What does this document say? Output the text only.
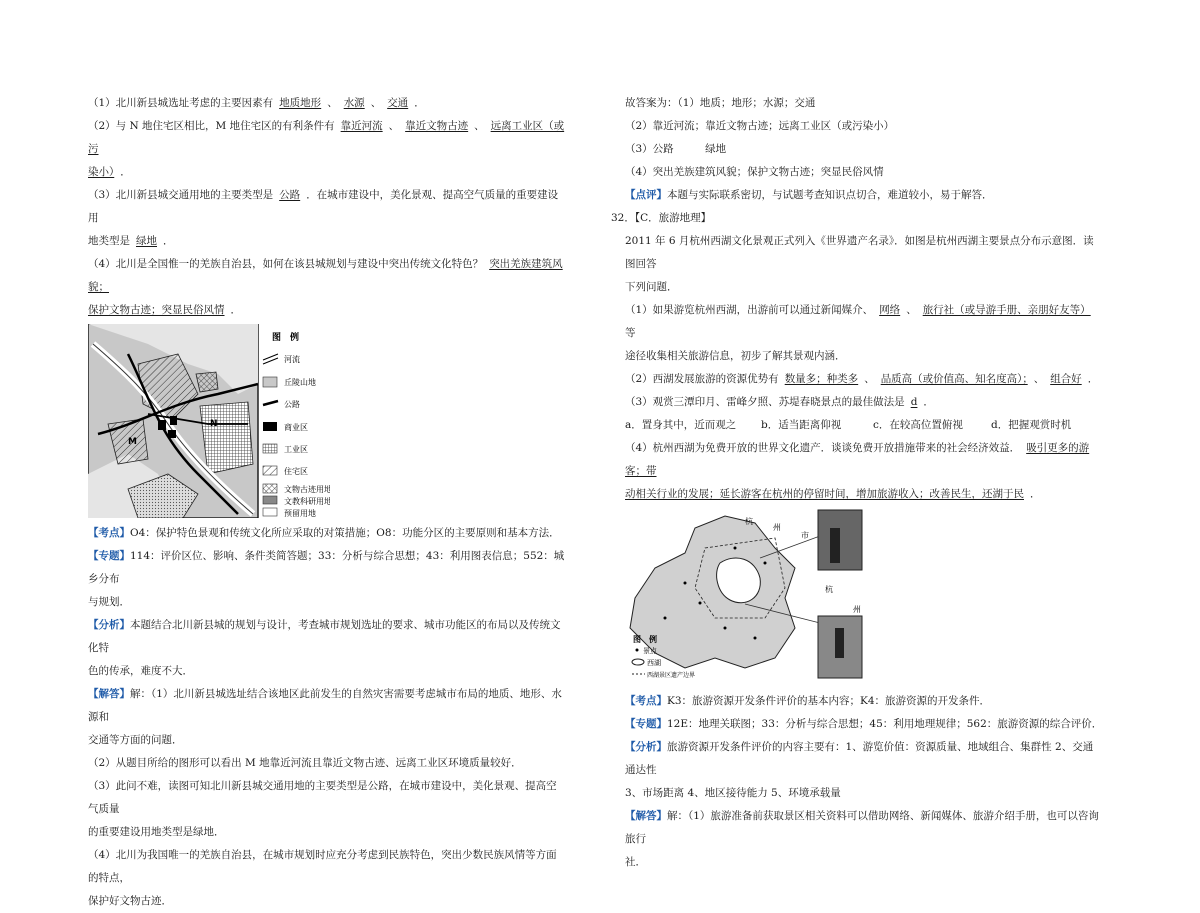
（1）北川新县城选址考虑的主要因素有 地质地形 、 水源 、 交通 ．

（2）与 N 地住宅区相比，M 地住宅区的有利条件有 靠近河流 、 靠近文物古迹 、 远离工业区（或污

染小） ．

（3）北川新县城交通用地的主要类型是 公路 ．在城市建设中，美化景观、提高空气质量的重要建设用

地类型是 绿地 ．

（4）北川是全国惟一的羌族自治县，如何在该县城规划与建设中突出传统文化特色？ 突出羌族建筑风貌；

保护文物古迹；突显民俗风情 ．

M
N
图　例
河流
丘陵山地
公路
商业区
工业区
住宅区
文物古迹用地
文教科研用地
预留用地

【考点】O4：保护特色景观和传统文化所应采取的对策措施；O8：功能分区的主要原则和基本方法．

【专题】114：评价区位、影响、条件类简答题；33：分析与综合思想；43：利用图表信息；552：城乡分布

与规划．

【分析】本题结合北川新县城的规划与设计，考查城市规划选址的要求、城市功能区的布局以及传统文化特

色的传承，难度不大．

【解答】解：（1）北川新县城选址结合该地区此前发生的自然灾害需要考虑城市布局的地质、地形、水源和

交通等方面的问题．

（2）从题目所给的图形可以看出 M 地靠近河流且靠近文物古迹、远离工业区环境质量较好．

（3）此问不难，读图可知北川新县城交通用地的主要类型是公路，在城市建设中，美化景观、提高空气质量

的重要建设用地类型是绿地．

（4）北川为我国唯一的羌族自治县，在城市规划时应充分考虑到民族特色，突出少数民族风情等方面的特点，

保护好文物古迹．

故答案为：（1）地质；地形；水源；交通

（2）靠近河流；靠近文物古迹；远离工业区（或污染小）

（3）公路　　　绿地

（4）突出羌族建筑风貌；保护文物古迹；突显民俗风情

【点评】本题与实际联系密切，与试题考查知识点切合，难道较小，易于解答．

32．【C．旅游地理】

2011 年 6 月杭州西湖文化景观正式列入《世界遗产名录》．如图是杭州西湖主要景点分布示意图．读图回答

下列问题．

（1）如果游览杭州西湖，出游前可以通过新闻媒介、 网络 、 旅行社（或导游手册、亲朋好友等）等

途径收集相关旅游信息，初步了解其景观内涵．

（2）西湖发展旅游的资源优势有 数量多；种类多 、 品质高（或价值高、知名度高）； 、 组合好 ．

（3）观赏三潭印月、雷峰夕照、苏堤春晓景点的最佳做法是 d ．

a．置身其中，近而观之 b．适当距离仰视	c．在较高位置俯视	d．把握观赏时机

（4）杭州西湖为免费开放的世界文化遗产．谈谈免费开放措施带来的社会经济效益． 吸引更多的游客；带

动相关行业的发展；延长游客在杭州的停留时间，增加旅游收入；改善民生，还湖于民 ．

杭
州
市
杭
州
图　例
景点
西湖
西湖景区遗产边界

【考点】K3：旅游资源开发条件评价的基本内容；K4：旅游资源的开发条件．

【专题】12E：地理关联图；33：分析与综合思想；45：利用地理规律；562：旅游资源的综合评价．

【分析】旅游资源开发条件评价的内容主要有：1、游览价值：资源质量、地域组合、集群性 2、交通通达性

3、市场距离 4、地区接待能力 5、环境承载量

【解答】解：（1）旅游准备前获取景区相关资料可以借助网络、新闻媒体、旅游介绍手册，也可以咨询旅行

社．
